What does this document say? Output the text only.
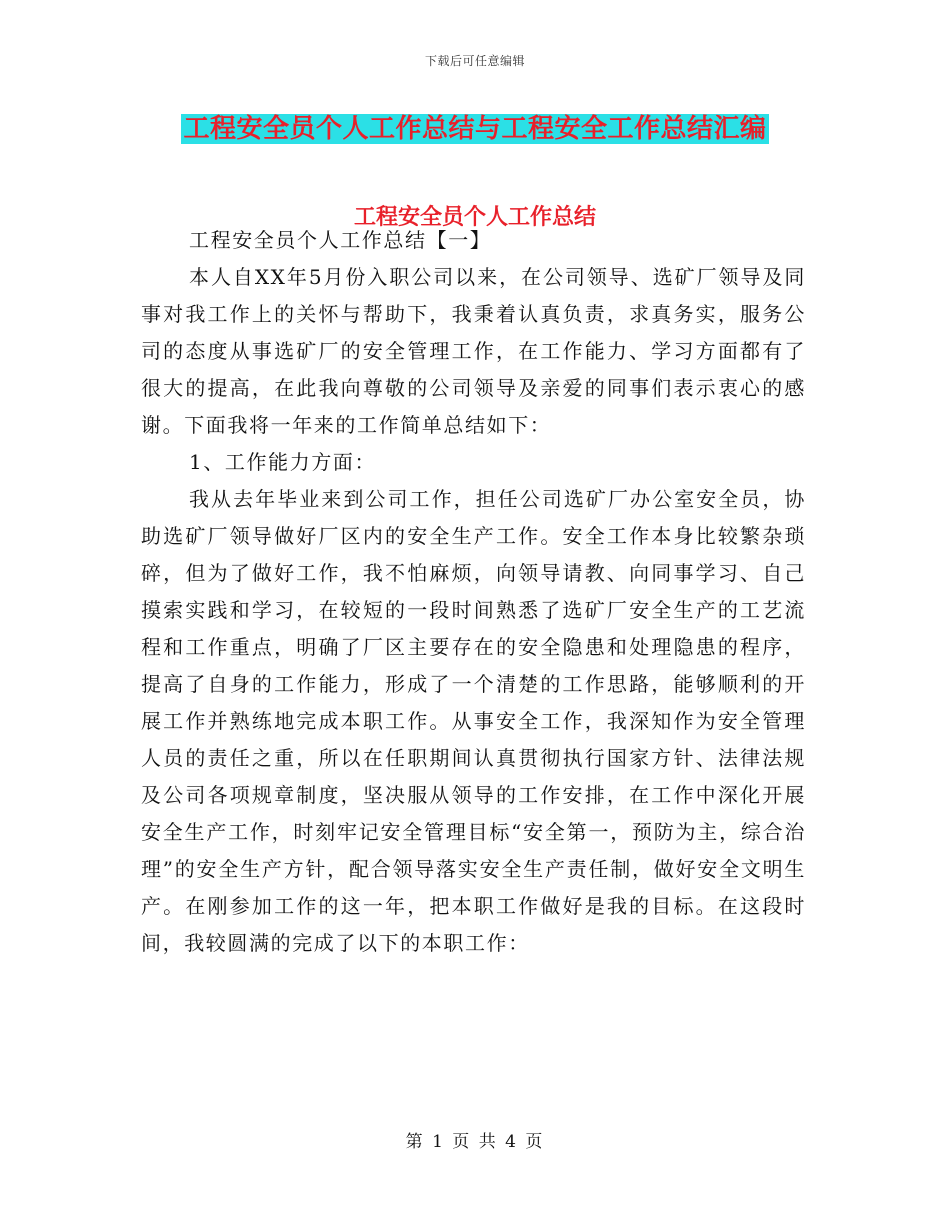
下载后可任意编辑
工程安全员个人工作总结与工程安全工作总结汇编
工程安全员个人工作总结

工程安全员个人工作总结【一】

本人自XX年5月份入职公司以来，在公司领导、选矿厂领导及同事对我工作上的关怀与帮助下，我秉着认真负责，求真务实，服务公司的态度从事选矿厂的安全管理工作，在工作能力、学习方面都有了很大的提高，在此我向尊敬的公司领导及亲爱的同事们表示衷心的感谢。下面我将一年来的工作简单总结如下：

1、工作能力方面：

我从去年毕业来到公司工作，担任公司选矿厂办公室安全员，协助选矿厂领导做好厂区内的安全生产工作。安全工作本身比较繁杂琐碎，但为了做好工作，我不怕麻烦，向领导请教、向同事学习、自己摸索实践和学习，在较短的一段时间熟悉了选矿厂安全生产的工艺流程和工作重点，明确了厂区主要存在的安全隐患和处理隐患的程序，提高了自身的工作能力，形成了一个清楚的工作思路，能够顺利的开展工作并熟练地完成本职工作。从事安全工作，我深知作为安全管理人员的责任之重，所以在任职期间认真贯彻执行国家方针、法律法规及公司各项规章制度，坚决服从领导的工作安排，在工作中深化开展安全生产工作，时刻牢记安全管理目标“安全第一，预防为主，综合治理”的安全生产方针，配合领导落实安全生产责任制，做好安全文明生产。在刚参加工作的这一年，把本职工作做好是我的目标。在这段时间，我较圆满的完成了以下的本职工作：

第 1 页 共 4 页
